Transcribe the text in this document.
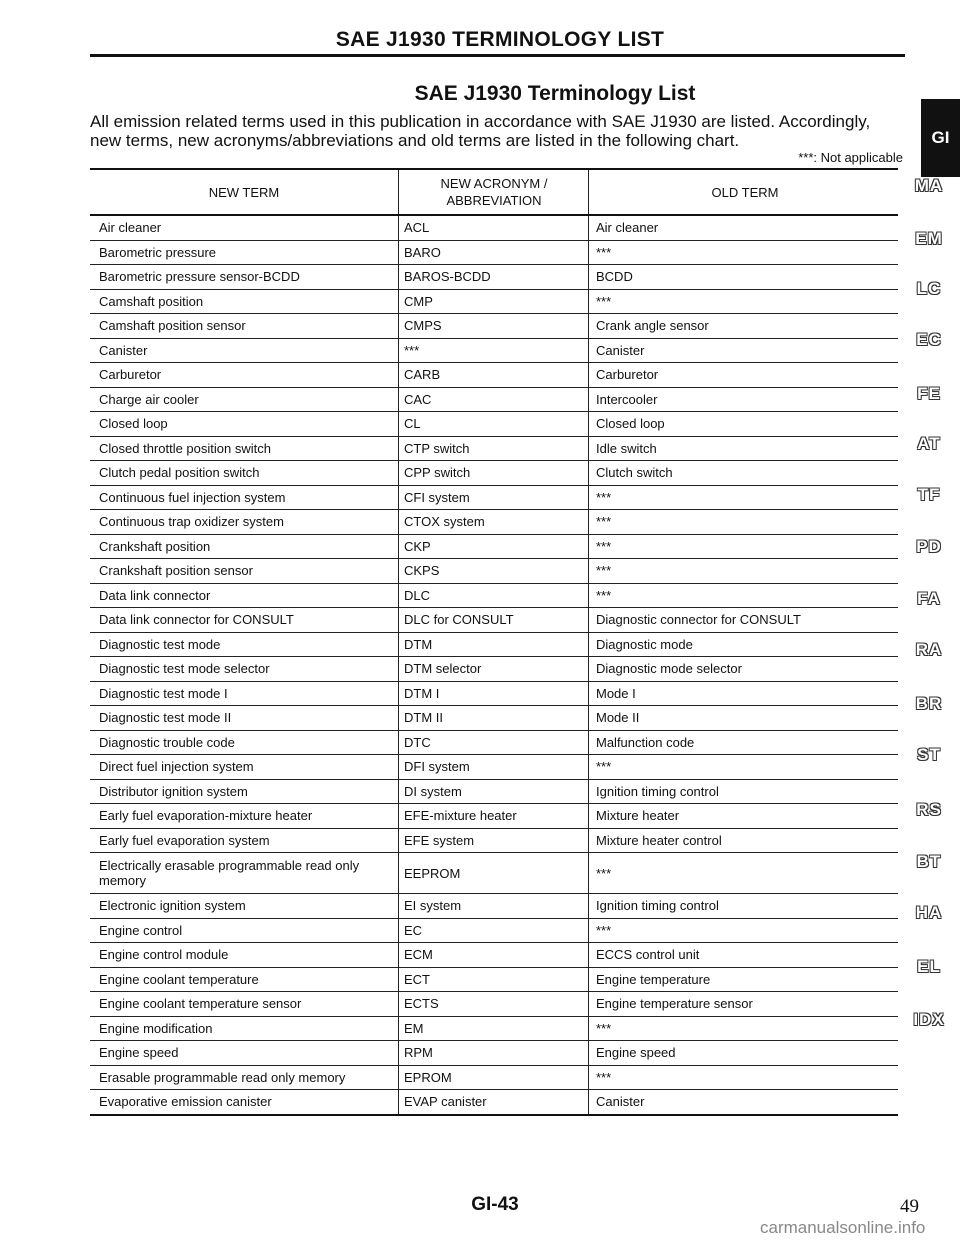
SAE J1930 TERMINOLOGY LIST
SAE J1930 Terminology List
All emission related terms used in this publication in accordance with SAE J1930 are listed. Accordingly, new terms, new acronyms/abbreviations and old terms are listed in the following chart.
***: Not applicable
NEW TERM	NEW ACRONYM / ABBREVIATION	OLD TERM
Air cleaner	ACL	Air cleaner
Barometric pressure	BARO	***
Barometric pressure sensor-BCDD	BAROS-BCDD	BCDD
Camshaft position	CMP	***
Camshaft position sensor	CMPS	Crank angle sensor
Canister	***	Canister
Carburetor	CARB	Carburetor
Charge air cooler	CAC	Intercooler
Closed loop	CL	Closed loop
Closed throttle position switch	CTP switch	Idle switch
Clutch pedal position switch	CPP switch	Clutch switch
Continuous fuel injection system	CFI system	***
Continuous trap oxidizer system	CTOX system	***
Crankshaft position	CKP	***
Crankshaft position sensor	CKPS	***
Data link connector	DLC	***
Data link connector for CONSULT	DLC for CONSULT	Diagnostic connector for CONSULT
Diagnostic test mode	DTM	Diagnostic mode
Diagnostic test mode selector	DTM selector	Diagnostic mode selector
Diagnostic test mode I	DTM I	Mode I
Diagnostic test mode II	DTM II	Mode II
Diagnostic trouble code	DTC	Malfunction code
Direct fuel injection system	DFI system	***
Distributor ignition system	DI system	Ignition timing control
Early fuel evaporation-mixture heater	EFE-mixture heater	Mixture heater
Early fuel evaporation system	EFE system	Mixture heater control
Electrically erasable programmable read only memory	EEPROM	***
Electronic ignition system	EI system	Ignition timing control
Engine control	EC	***
Engine control module	ECM	ECCS control unit
Engine coolant temperature	ECT	Engine temperature
Engine coolant temperature sensor	ECTS	Engine temperature sensor
Engine modification	EM	***
Engine speed	RPM	Engine speed
Erasable programmable read only memory	EPROM	***
Evaporative emission canister	EVAP canister	Canister
GI
MA
EM
LC
EC
FE
AT
TF
PD
FA
RA
BR
ST
RS
BT
HA
EL
IDX
GI-43	49
carmanualsonline.info
